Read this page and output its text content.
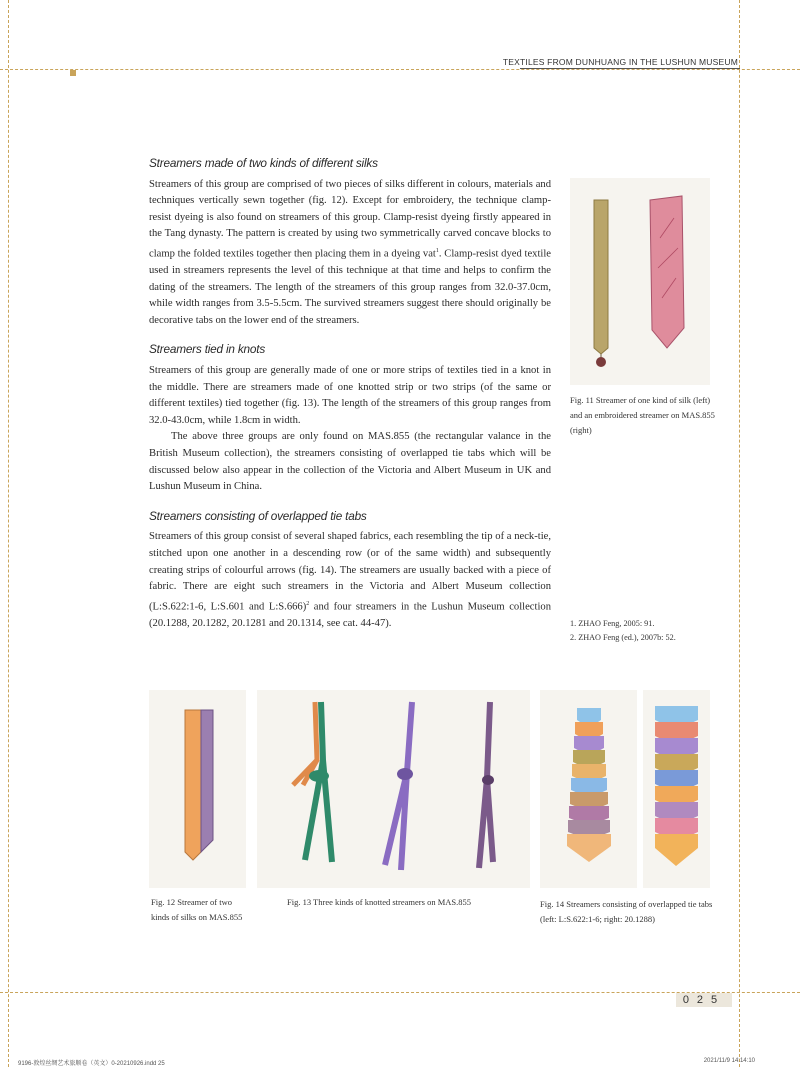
TEXTILES FROM DUNHUANG IN THE LUSHUN MUSEUM
Streamers made of two kinds of different silks

Streamers of this group are comprised of two pieces of silks different in colours, materials and techniques vertically sewn together (fig. 12). Except for embroidery, the technique clamp-resist dyeing is also found on streamers of this group. Clamp-resist dyeing firstly appeared in the Tang dynasty. The pattern is created by using two symmetrically carved concave blocks to clamp the folded textiles together then placing them in a dyeing vat$^1$. Clamp-resist dyed textile used in streamers represents the level of this technique at that time and helps to confirm the dating of the streamers. The length of the streamers of this group ranges from 32.0-37.0cm, while width ranges from 3.5-5.5cm. The survived streamers suggest there should originally be decorative tabs on the lower end of the streamers.

Streamers tied in knots

Streamers of this group are generally made of one or more strips of textiles tied in a knot in the middle. There are streamers made of one knotted strip or two strips (of the same or different textiles) tied together (fig. 13). The length of the streamers of this group ranges from 32.0-43.0cm, while 1.8cm in width.

The above three groups are only found on MAS.855 (the rectangular valance in the British Museum collection), the streamers consisting of overlapped tie tabs which will be discussed below also appear in the collection of the Victoria and Albert Museum in UK and Lushun Museum in China.

Streamers consisting of overlapped tie tabs

Streamers of this group consist of several shaped fabrics, each resembling the tip of a neck-tie, stitched upon one another in a descending row (or of the same width) and subsequently creating strips of colourful arrows (fig. 14). The streamers are usually backed with a piece of fabric. There are eight such streamers in the Victoria and Albert Museum collection (L:S.622:1-6, L:S.601 and L:S.666)$^2$ and four streamers in the Lushun Museum collection (20.1288, 20.1282, 20.1281 and 20.1314, see cat. 44-47).

Fig. 11 Streamer of one kind of silk (left) and an embroidered streamer on MAS.855 (right)
1. ZHAO Feng, 2005: 91.
2. ZHAO Feng (ed.), 2007b: 52.
Fig. 12 Streamer of two kinds of silks on MAS.855
Fig. 13 Three kinds of knotted streamers on MAS.855	Fig. 14 Streamers consisting of overlapped tie tabs (left: L:S.622:1-6; right: 20.1288)
025
9196-敦煌丝绸艺术旅顺卷（英文）0-20210926.indd 25	2021/11/9 14:14:10
